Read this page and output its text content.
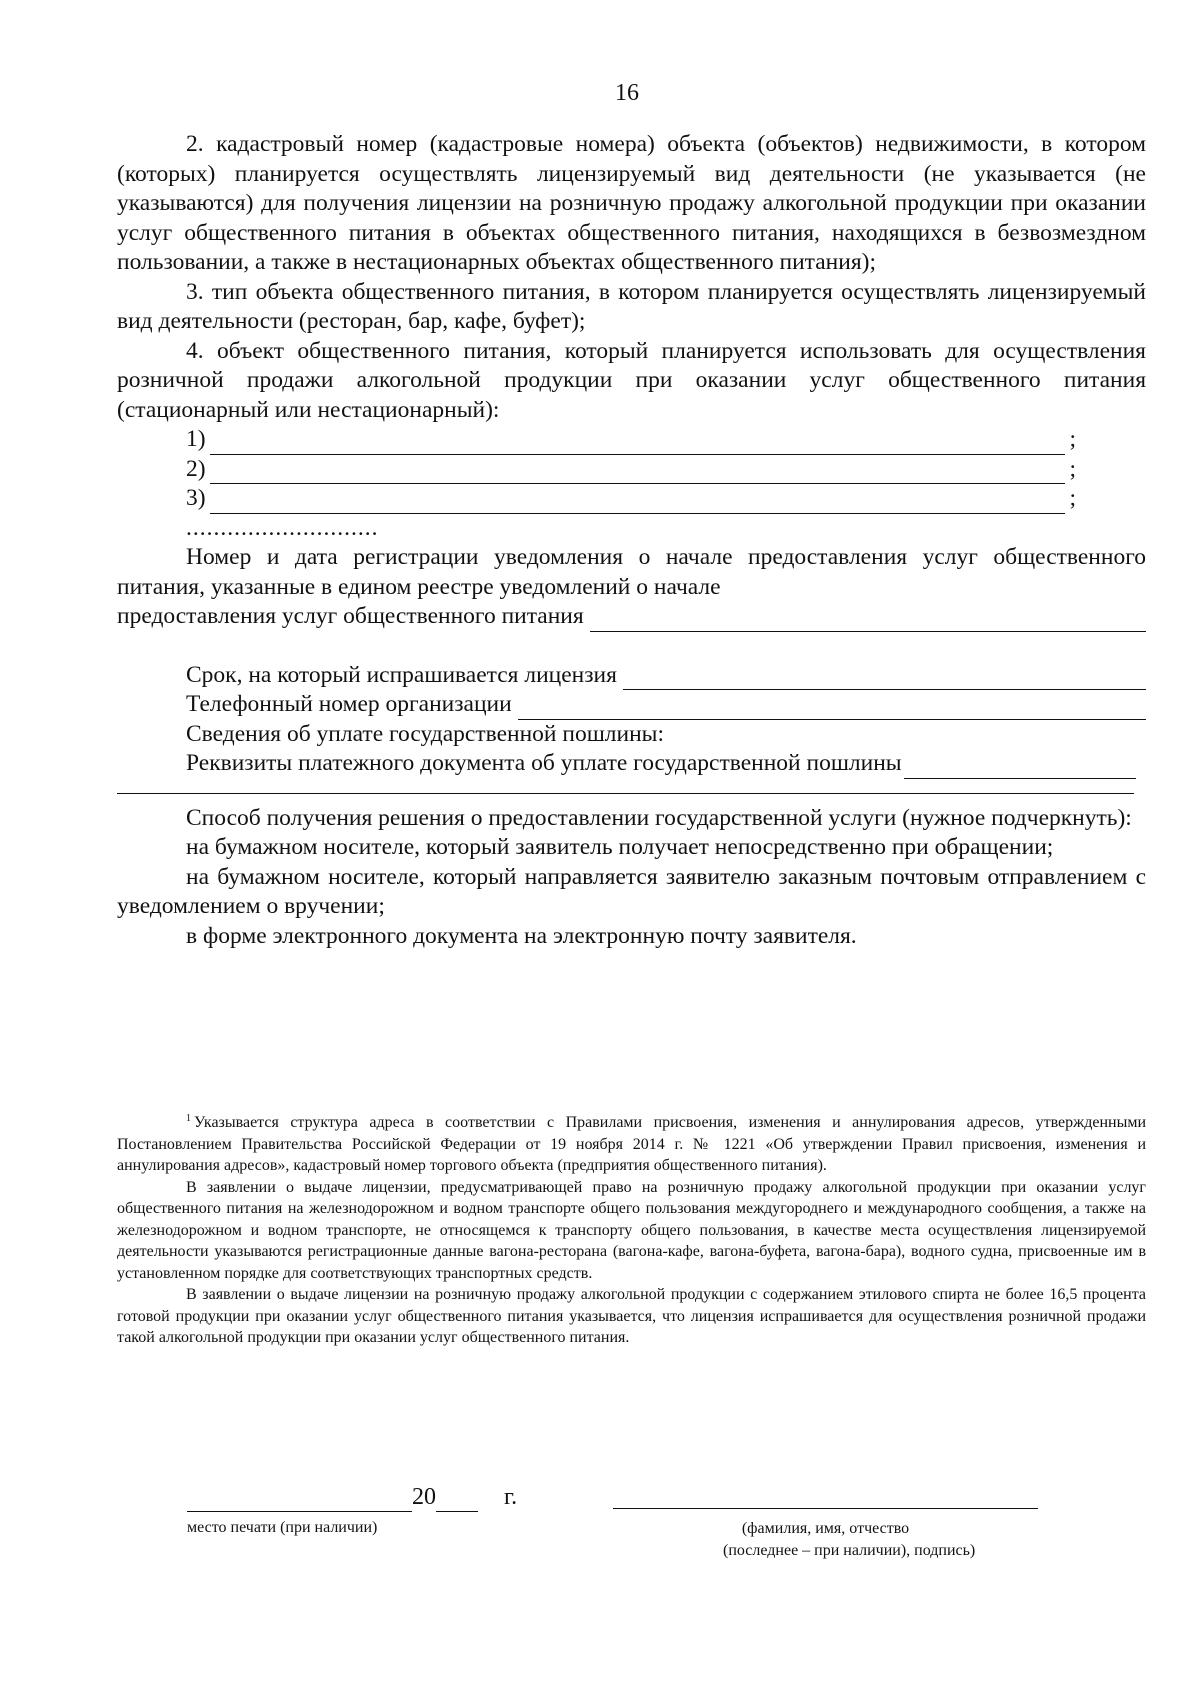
16

2. кадастровый номер (кадастровые номера) объекта (объектов) недвижимости, в котором (которых) планируется осуществлять лицензируемый вид деятельности (не указывается (не указываются) для получения лицензии на розничную продажу алкогольной продукции при оказании услуг общественного питания в объектах общественного питания, находящихся в безвозмездном пользовании, а также в нестационарных объектах общественного питания);

3. тип объекта общественного питания, в котором планируется осуществлять лицензируемый вид деятельности (ресторан, бар, кафе, буфет);

4. объект общественного питания, который планируется использовать для осуществления розничной продажи алкогольной продукции при оказании услуг общественного питания (стационарный или нестационарный):

1)	;
2)	;
3)	;
............................

Номер и дата регистрации уведомления о начале предоставления услуг общественного питания, указанные в едином реестре уведомлений о начале

предоставления услуг общественного питания
Срок, на который испрашивается лицензия
Телефонный номер организации
Сведения об уплате государственной пошлины:
Реквизиты платежного документа об уплате государственной пошлины

Способ получения решения о предоставлении государственной услуги (нужное подчеркнуть):

на бумажном носителе, который заявитель получает непосредственно при обращении;

на бумажном носителе, который направляется заявителю заказным почтовым отправлением с уведомлением о вручении;

в форме электронного документа на электронную почту заявителя.

$^1$ Указывается структура адреса в соответствии с Правилами присвоения, изменения и аннулирования адресов, утвержденными Постановлением Правительства Российской Федерации от 19 ноября 2014 г. № 1221 «Об утверждении Правил присвоения, изменения и аннулирования адресов», кадастровый номер торгового объекта (предприятия общественного питания).

В заявлении о выдаче лицензии, предусматривающей право на розничную продажу алкогольной продукции при оказании услуг общественного питания на железнодорожном и водном транспорте общего пользования междугороднего и международного сообщения, а также на железнодорожном и водном транспорте, не относящемся к транспорту общего пользования, в качестве места осуществления лицензируемой деятельности указываются регистрационные данные вагона-ресторана (вагона-кафе, вагона-буфета, вагона-бара), водного судна, присвоенные им в установленном порядке для соответствующих транспортных средств.

В заявлении о выдаче лицензии на розничную продажу алкогольной продукции с содержанием этилового спирта не более 16,5 процента готовой продукции при оказании услуг общественного питания указывается, что лицензия испрашивается для осуществления розничной продажи такой алкогольной продукции при оказании услуг общественного питания.

20	г.
место печати (при наличии)	(фамилия, имя, отчество
(последнее – при наличии), подпись)
